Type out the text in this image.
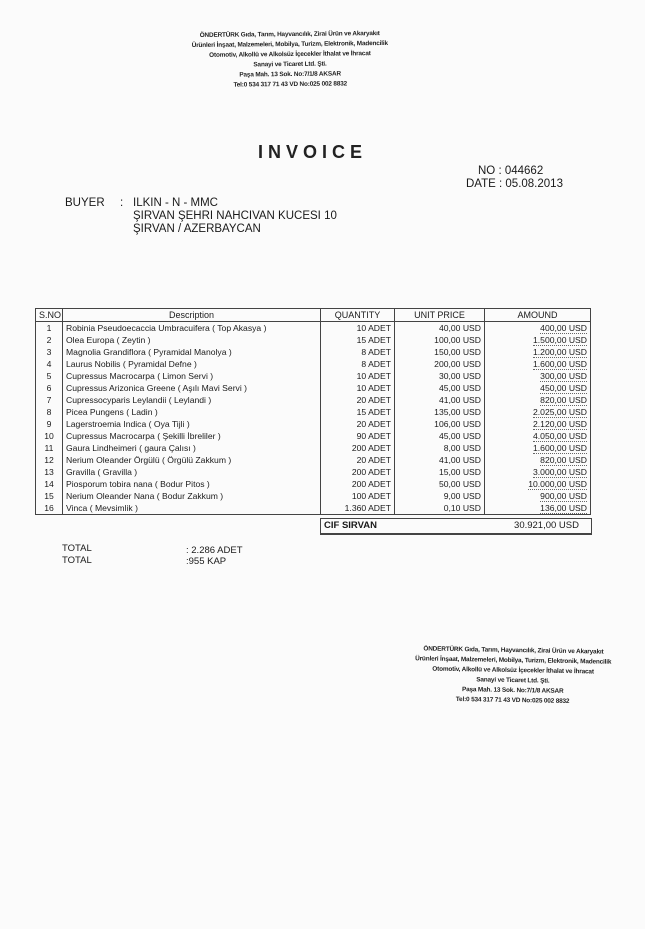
ÖNDERTÜRK Gıda, Tarım, Hayvancılık, Zirai Ürün ve Akaryakıt
Ürünleri İnşaat, Malzemeleri, Mobilya, Turizm, Elektronik, Madencilik
Otomotiv, Alkollü ve Alkolsüz İçecekler İthalat ve İhracat
Sanayi ve Ticaret Ltd. Şti.
Paşa Mah. 13 Sok. No:7/1/8 AKSAR
Tel:0 534 317 71 43 VD No:025 002 8832
INVOICE
NO : 044662
DATE : 05.08.2013
BUYER : ILKIN - N - MMC
ŞIRVAN ŞEHRI NAHCIVAN KUCESI 10
ŞIRVAN / AZERBAYCAN
S.NO	Description	QUANTITY	UNIT PRICE	AMOUND
1	Robinia Pseudoecaccia Umbracuifera ( Top Akasya )	10 ADET	40,00 USD	400,00 USD
2	Olea Europa ( Zeytin )	15 ADET	100,00 USD	1.500,00 USD
3	Magnolia Grandiflora ( Pyramidal Manolya )	8 ADET	150,00 USD	1.200,00 USD
4	Laurus Nobilis ( Pyramidal Defne )	8 ADET	200,00 USD	1.600,00 USD
5	Cupressus Macrocarpa ( Limon Servi )	10 ADET	30,00 USD	300,00 USD
6	Cupressus Arizonica Greene ( Aşılı Mavi Servi )	10 ADET	45,00 USD	450,00 USD
7	Cupressocyparis Leylandii ( Leylandi )	20 ADET	41,00 USD	820,00 USD
8	Picea Pungens ( Ladin )	15 ADET	135,00 USD	2.025,00 USD
9	Lagerstroemia Indica ( Oya Tiјli )	20 ADET	106,00 USD	2.120,00 USD
10	Cupressus Macrocarpa ( Şekilli İbreliler )	90 ADET	45,00 USD	4.050,00 USD
11	Gaura Lindheimeri ( gaura Çalısı )	200 ADET	8,00 USD	1.600,00 USD
12	Nerium Oleander Örgülü ( Örgülü Zakkum )	20 ADET	41,00 USD	820,00 USD
13	Gravilla ( Gravilla )	200 ADET	15,00 USD	3.000,00 USD
14	Piosporum tobira nana ( Bodur Pitos )	200 ADET	50,00 USD	10.000,00 USD
15	Nerium Oleander Nana ( Bodur Zakkum )	100 ADET	9,00 USD	900,00 USD
16	Vinca ( Mevsimlik )	1.360 ADET	0,10 USD	136,00 USD
CIF SIRVAN	30.921,00 USD
TOTAL	: 2.286 ADET
TOTAL	:955 KAP
ÖNDERTÜRK Gıda, Tarım, Hayvancılık, Zirai Ürün ve Akaryakıt
Ürünleri İnşaat, Malzemeleri, Mobilya, Turizm, Elektronik, Madencilik
Otomotiv, Alkollü ve Alkolsüz İçecekler İthalat ve İhracat
Sanayi ve Ticaret Ltd. Şti.
Paşa Mah. 13 Sok. No:7/1/8 AKSAR
Tel:0 534 317 71 43 VD No:025 002 8832
